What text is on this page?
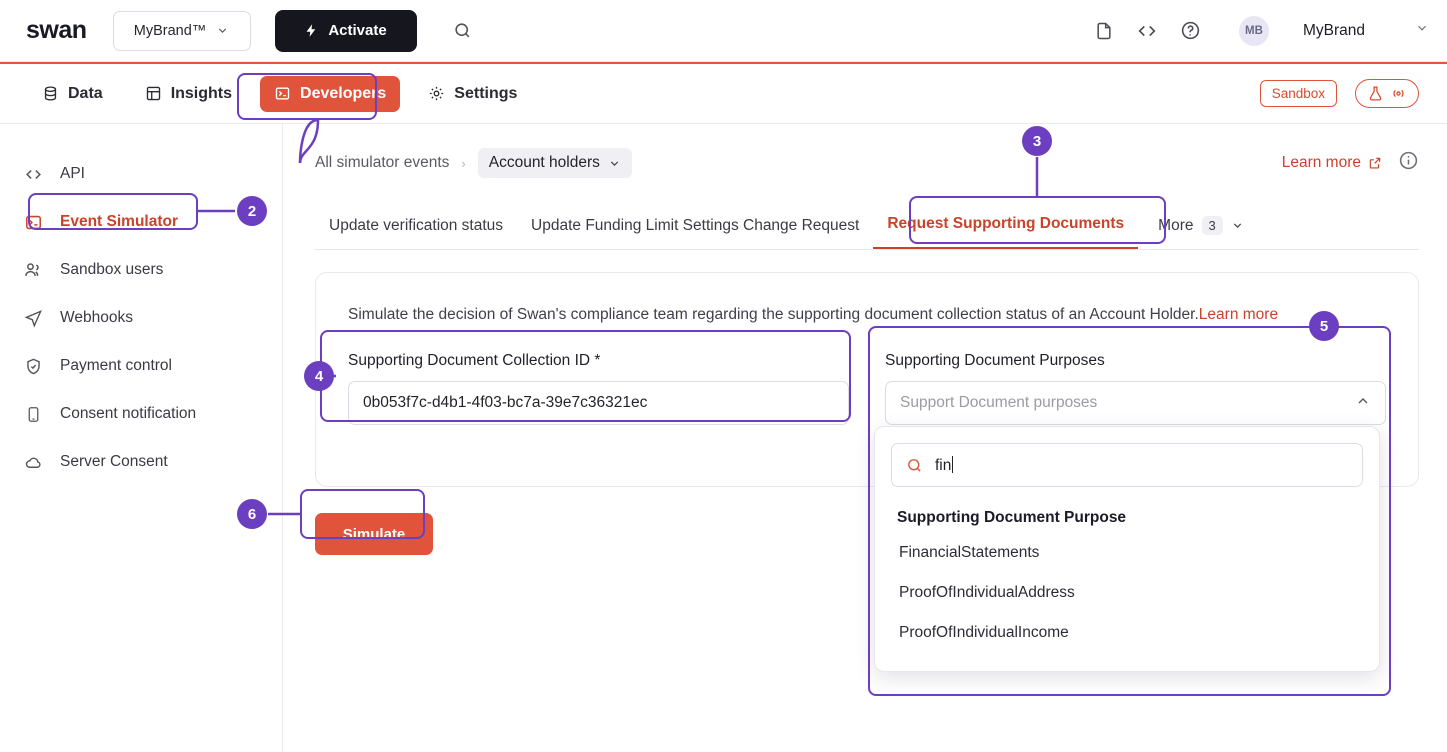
swan	MyBrand™	Activate	MB	MyBrand
Data	Insights	Developers	Settings	Sandbox
API
Event Simulator
Sandbox users
Webhooks
Payment control
Consent notification
Server Consent
All simulator events › Account holders	Learn more
Update verification status	Update Funding Limit Settings Change Request	Request Supporting Documents	More	3
Simulate the decision of Swan's compliance team regarding the supporting document collection status of an Account Holder.Learn more
Supporting Document Collection ID *
0b053f7c-d4b1-4f03-bc7a-39e7c36321ec	Supporting Document Purposes
Support Document purposes
Simulate
fin
Supporting Document Purpose
FinancialStatements
ProofOfIndividualAddress
ProofOfIndividualIncome
2
3
4
5
6
